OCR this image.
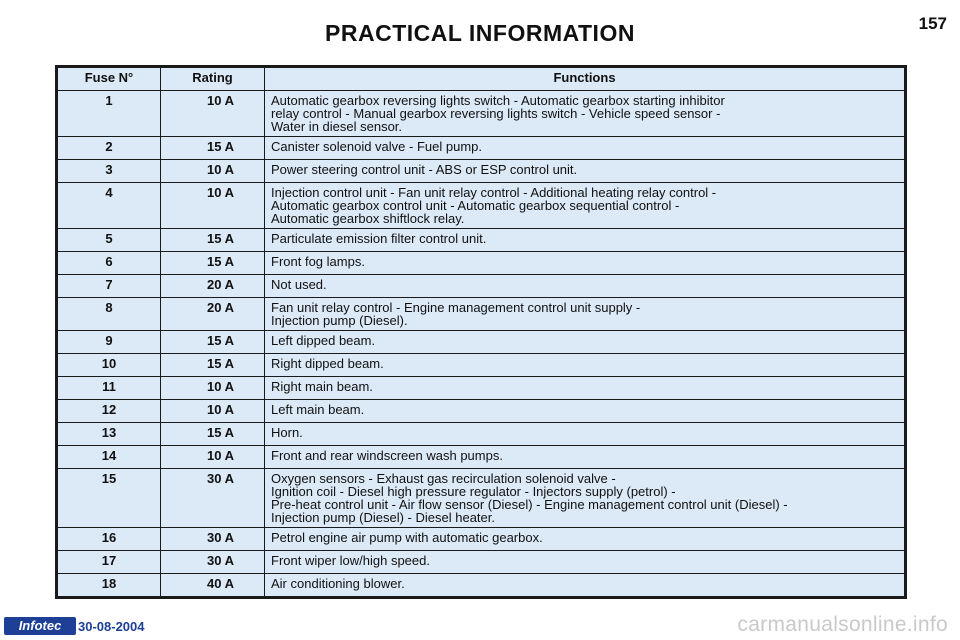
PRACTICAL INFORMATION	157
Fuse N°	Rating	Functions
1	10 A	Automatic gearbox reversing lights switch - Automatic gearbox starting inhibitor
relay control - Manual gearbox reversing lights switch - Vehicle speed sensor -
Water in diesel sensor.

2	15 A	Canister solenoid valve - Fuel pump.

3	10 A	Power steering control unit - ABS or ESP control unit.

4	10 A	Injection control unit - Fan unit relay control - Additional heating relay control -
Automatic gearbox control unit - Automatic gearbox sequential control -
Automatic gearbox shiftlock relay.

5	15 A	Particulate emission filter control unit.

6	15 A	Front fog lamps.

7	20 A	Not used.

8	20 A	Fan unit relay control - Engine management control unit supply -
Injection pump (Diesel).

9	15 A	Left dipped beam.

10	15 A	Right dipped beam.

11	10 A	Right main beam.

12	10 A	Left main beam.

13	15 A	Horn.

14	10 A	Front and rear windscreen wash pumps.

15	30 A	Oxygen sensors - Exhaust gas recirculation solenoid valve -
Ignition coil - Diesel high pressure regulator - Injectors supply (petrol) -
Pre-heat control unit - Air flow sensor (Diesel) - Engine management control unit (Diesel) -
Injection pump (Diesel) - Diesel heater.

16	30 A	Petrol engine air pump with automatic gearbox.

17	30 A	Front wiper low/high speed.

18	40 A	Air conditioning blower.
Infotec	30-08-2004	carmanualsonline.info
